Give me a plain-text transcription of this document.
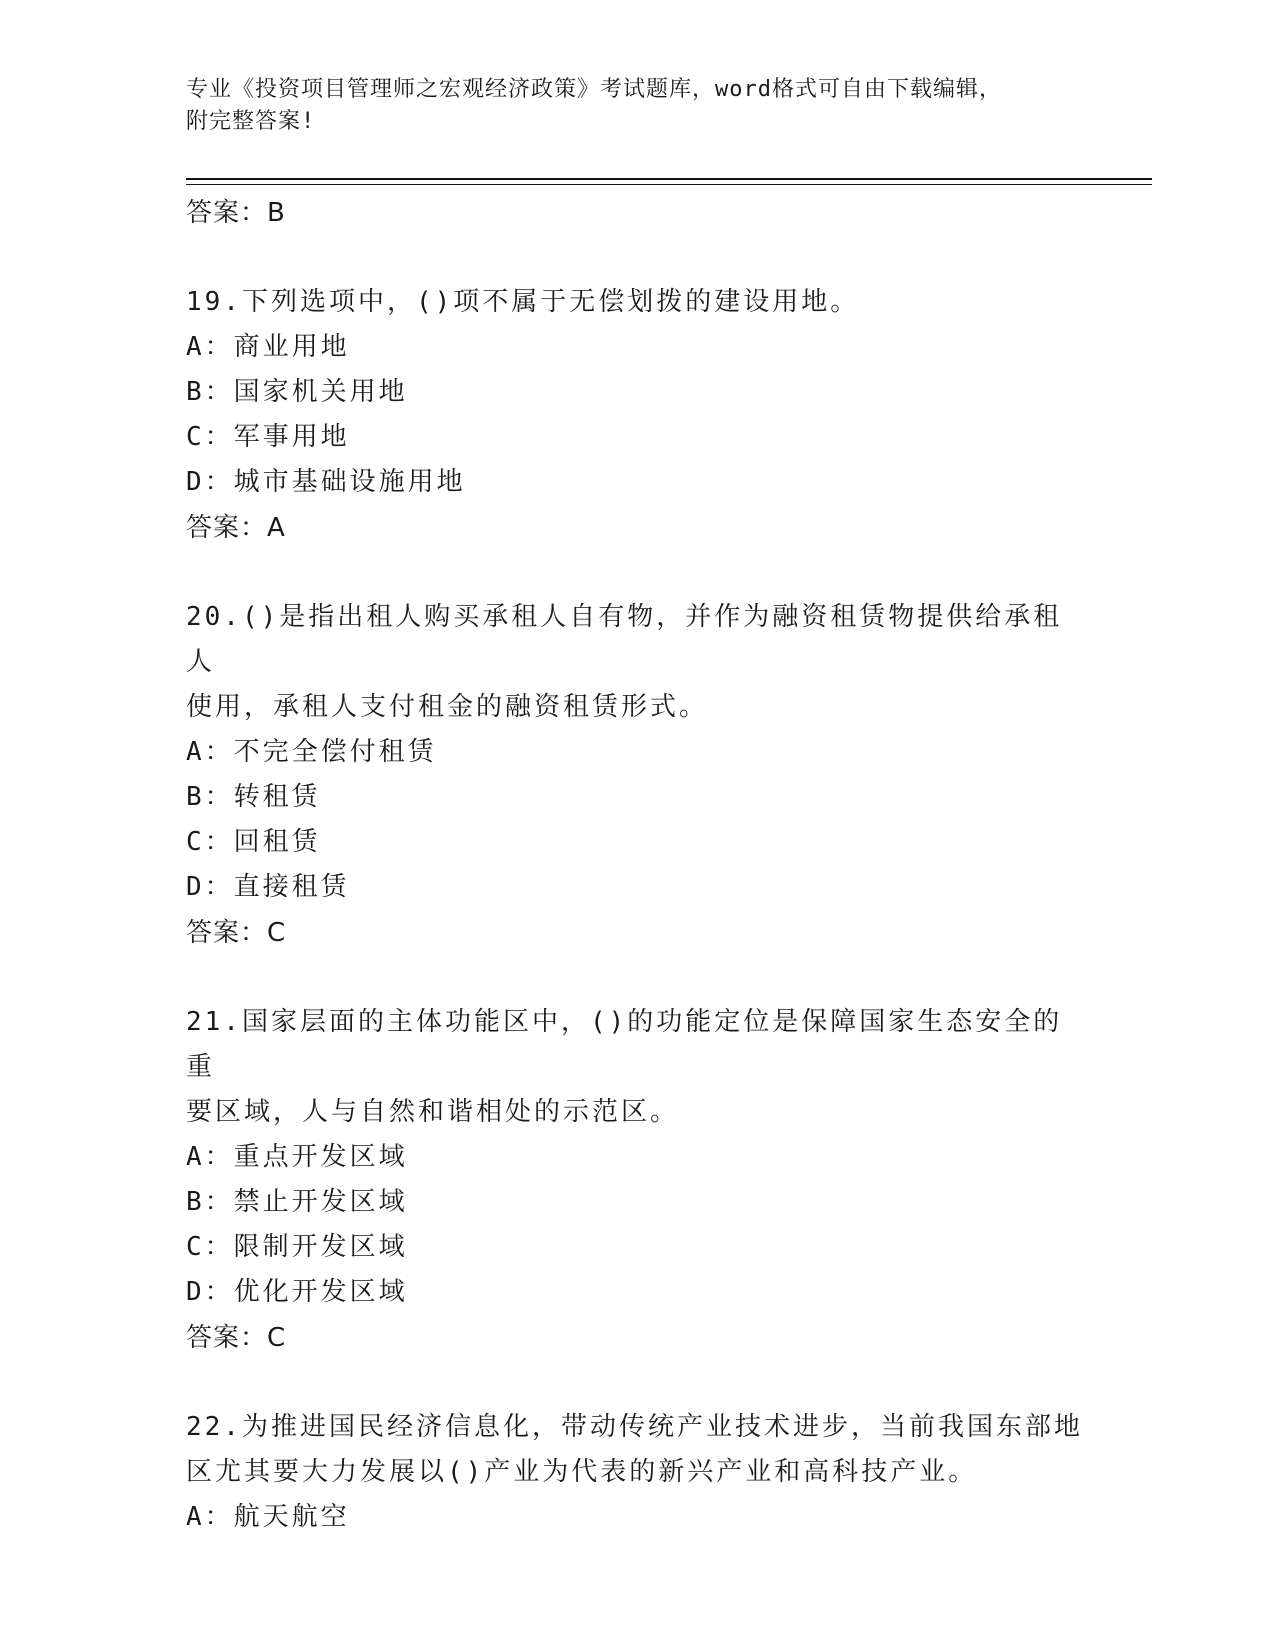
专业《投资项目管理师之宏观经济政策》考试题库，word格式可自由下载编辑，
附完整答案!
答案：B
19.下列选项中，()项不属于无偿划拨的建设用地。
A：商业用地
B：国家机关用地
C：军事用地
D：城市基础设施用地
答案：A
20.()是指出租人购买承租人自有物，并作为融资租赁物提供给承租人
使用，承租人支付租金的融资租赁形式。
A：不完全偿付租赁
B：转租赁
C：回租赁
D：直接租赁
答案：C
21.国家层面的主体功能区中，()的功能定位是保障国家生态安全的重
要区域，人与自然和谐相处的示范区。
A：重点开发区域
B：禁止开发区域
C：限制开发区域
D：优化开发区域
答案：C
22.为推进国民经济信息化，带动传统产业技术进步，当前我国东部地
区尤其要大力发展以()产业为代表的新兴产业和高科技产业。
A：航天航空
